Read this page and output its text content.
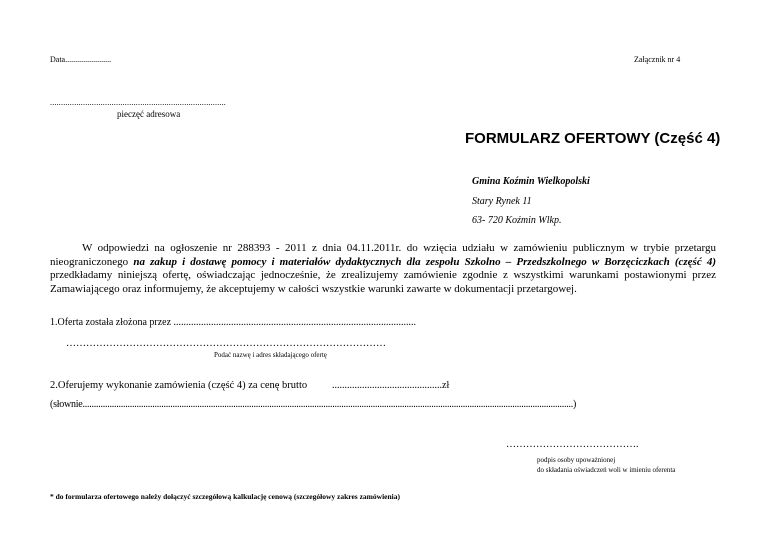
Data.......................	Załącznik nr 4
................................................................................
pieczęć adresowa
FORMULARZ OFERTOWY (Część 4)
Gmina Koźmin Wielkopolski
Stary Rynek 11
63- 720 Koźmin Wlkp.

W odpowiedzi na ogłoszenie nr 288393 - 2011 z dnia 04.11.2011r. do wzięcia udziału w zamówieniu publicznym w trybie przetargu nieograniczonego na zakup i dostawę pomocy i materiałów dydaktycznych dla zespołu Szkolno – Przedszkolnego w Borzęciczkach (część 4) przedkładamy niniejszą ofertę, oświadczając jednocześnie, że zrealizujemy zamówienie zgodnie z wszystkimi warunkami postawionymi przez Zamawiającego oraz informujemy, że akceptujemy w całości wszystkie warunki zawarte w dokumentacji przetargowej.

1.Oferta została złożona przez .................................................................................................
……………………………………………………………………………………
Podać nazwę i adres składającego ofertę
2.Oferujemy wykonanie zamówienia (część 4) za cenę brutto ............................................zł
(słownie..........................................................................................................................................................................................................................)
………………………………….
podpis osoby upoważnionej
do składania oświadczeń woli w imieniu oferenta
* do formularza ofertowego należy dołączyć szczegółową kalkulację cenową (szczegółowy zakres zamówienia)
